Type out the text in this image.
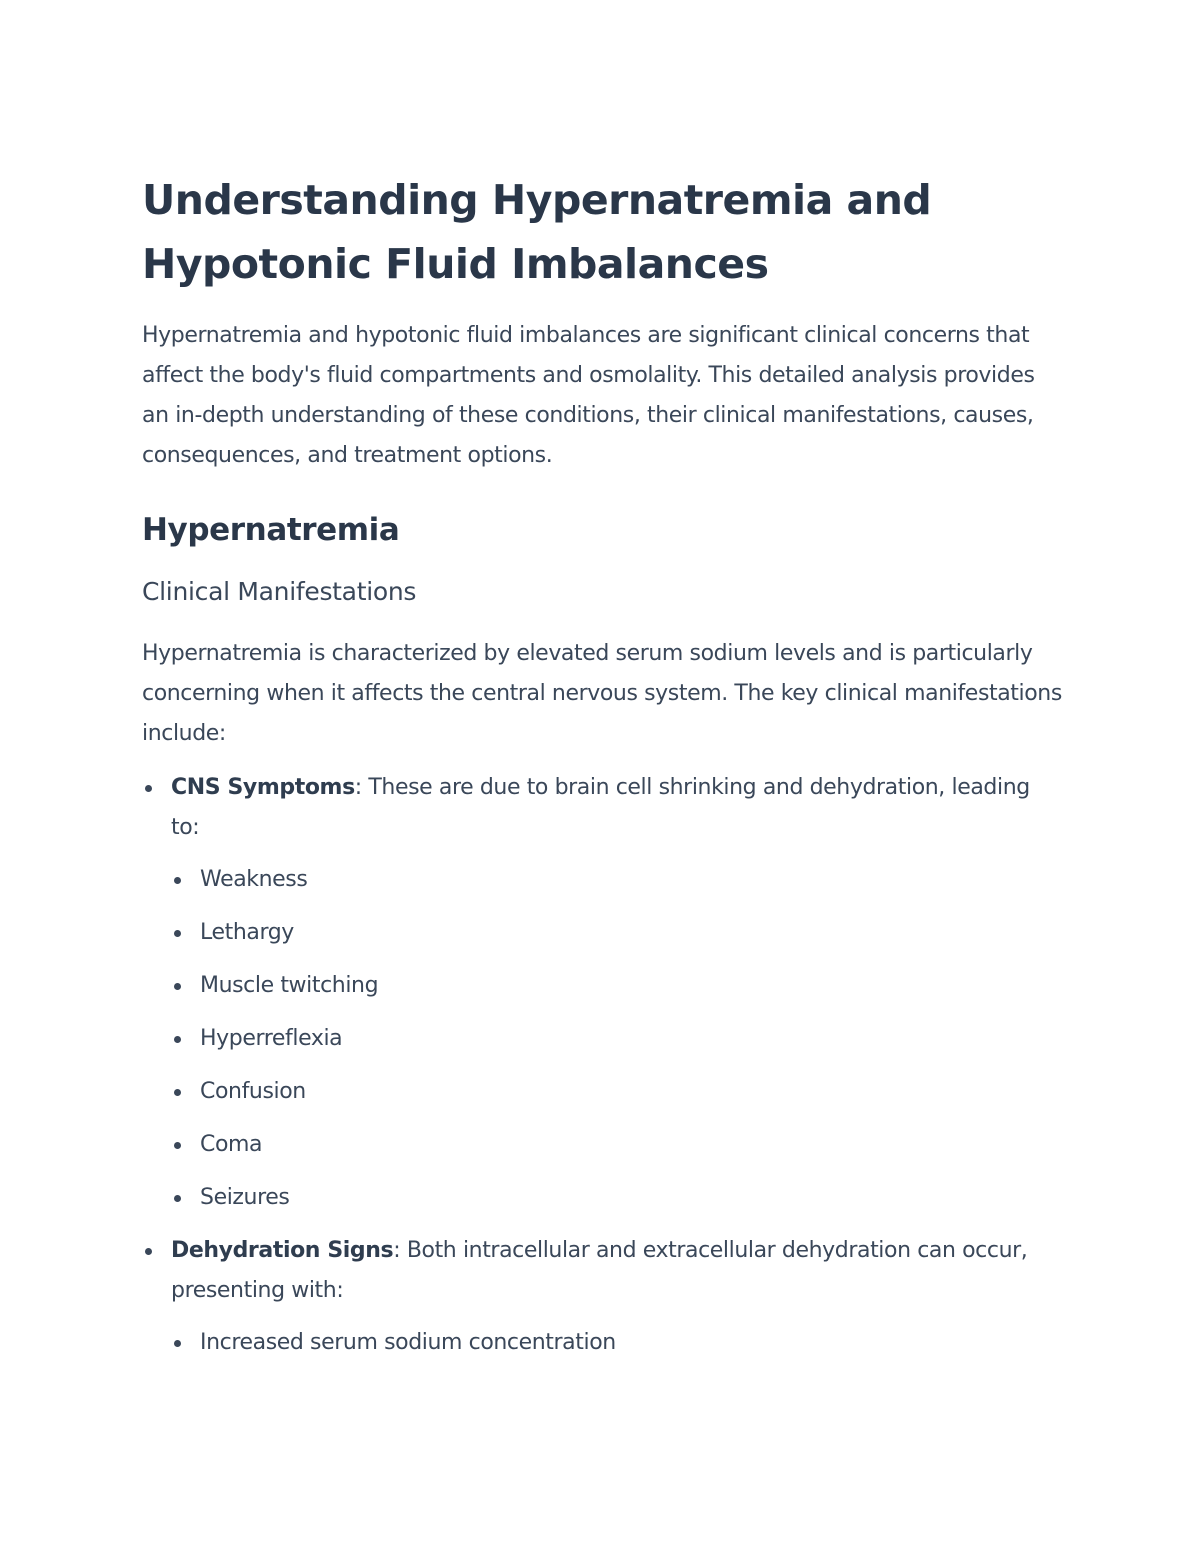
Understanding Hypernatremia and Hypotonic Fluid Imbalances

Hypernatremia and hypotonic fluid imbalances are significant clinical concerns that affect the body's fluid compartments and osmolality. This detailed analysis provides an in-depth understanding of these conditions, their clinical manifestations, causes, consequences, and treatment options.

Hypernatremia
Clinical Manifestations

Hypernatremia is characterized by elevated serum sodium levels and is particularly concerning when it affects the central nervous system. The key clinical manifestations include:

CNS Symptoms: These are due to brain cell shrinking and dehydration, leading to:
Weakness
Lethargy
Muscle twitching
Hyperreflexia
Confusion
Coma
Seizures
Dehydration Signs: Both intracellular and extracellular dehydration can occur, presenting with:
Increased serum sodium concentration
